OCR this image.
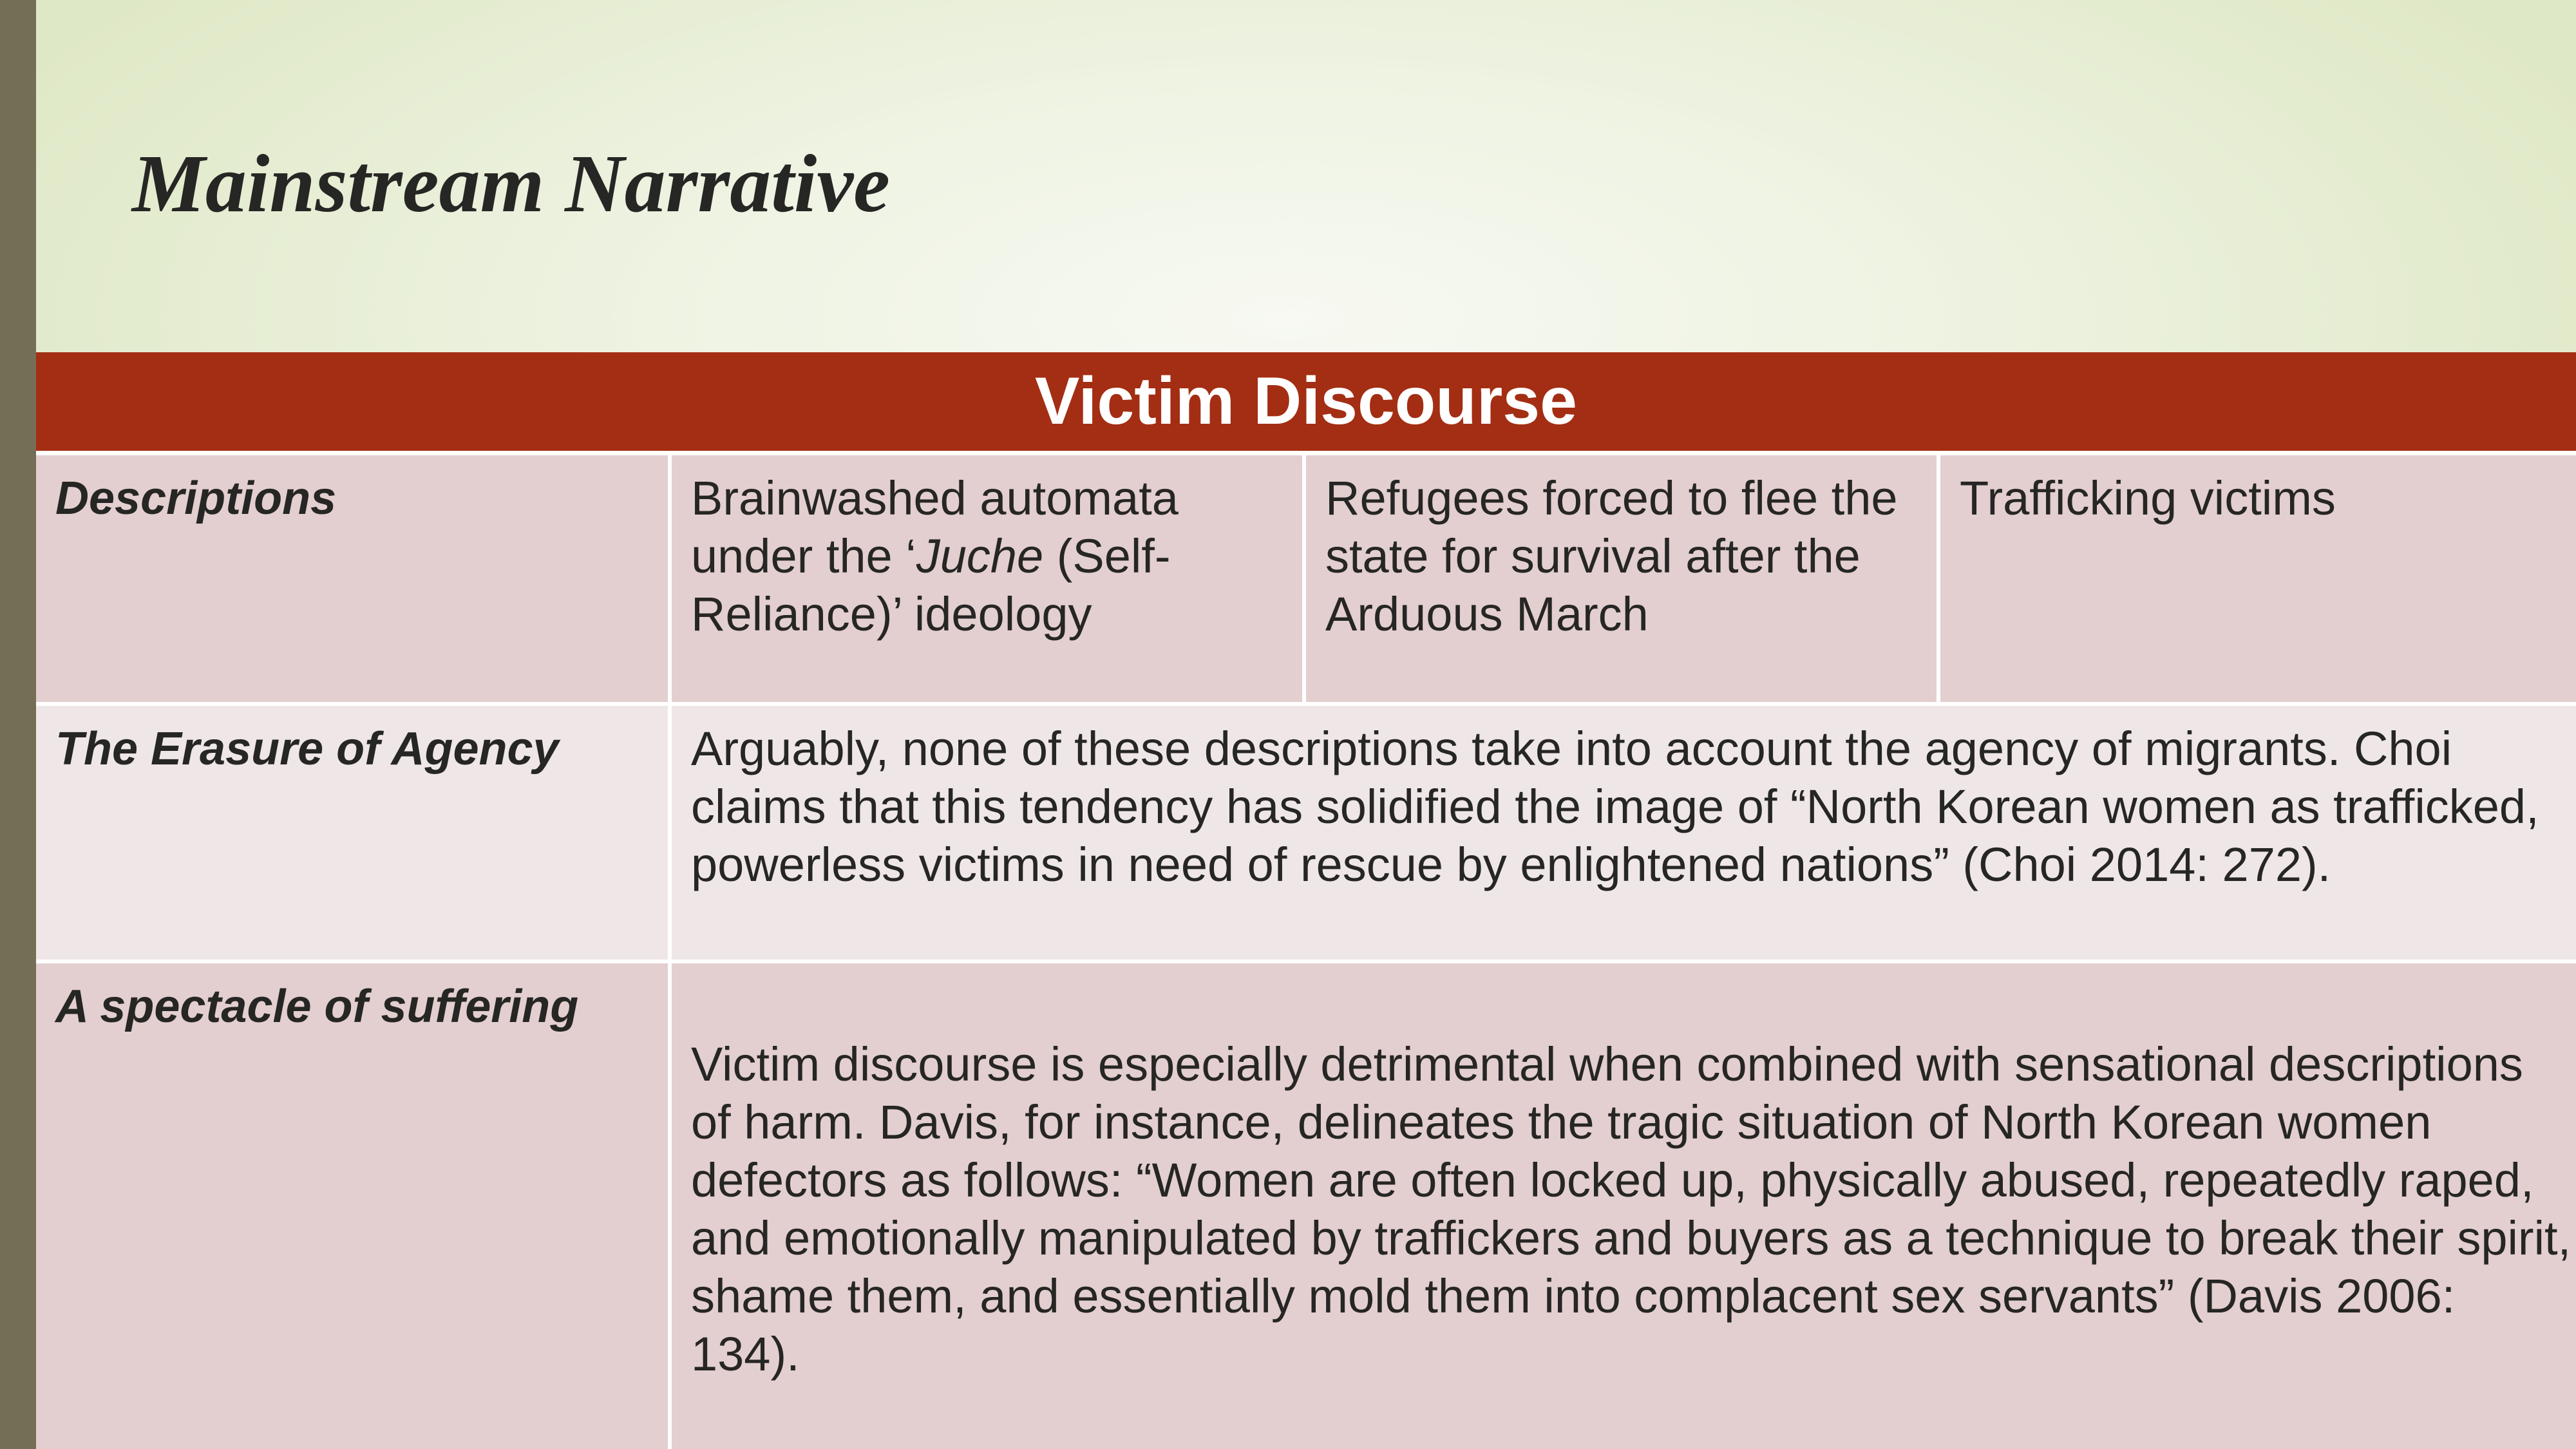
Mainstream Narrative
Victim Discourse
Descriptions	Brainwashed automata under the ‘Juche (Self-Reliance)’ ideology
Refugees forced to flee the state for survival after the Arduous March
Trafficking victims
The Erasure of Agency	Arguably, none of these descriptions take into account the agency of migrants. Choi claims that this tendency has solidified the image of “North Korean women as trafficked, powerless victims in need of rescue by enlightened nations” (Choi 2014: 272).
A spectacle of suffering
Victim discourse is especially detrimental when combined with sensational descriptions of harm. Davis, for instance, delineates the tragic situation of North Korean women defectors as follows: “Women are often locked up, physically abused, repeatedly raped, and emotionally manipulated by traffickers and buyers as a technique to break their spirit, shame them, and essentially mold them into complacent sex servants” (Davis 2006: 134).
